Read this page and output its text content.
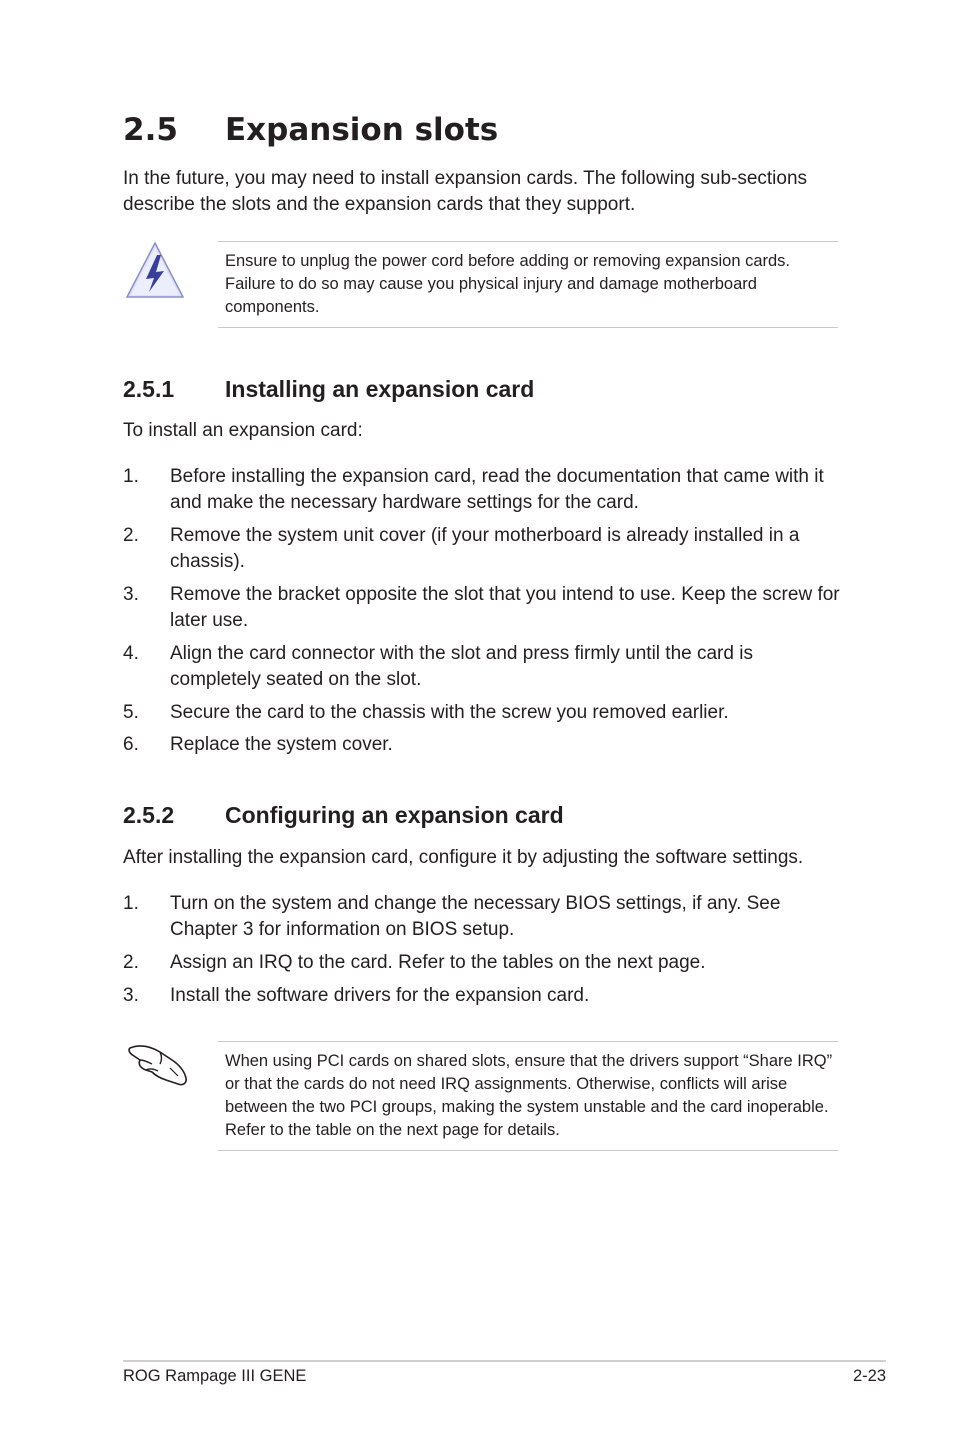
2.5 Expansion slots
In the future, you may need to install expansion cards. The following sub-sections describe the slots and the expansion cards that they support.
Ensure to unplug the power cord before adding or removing expansion cards. Failure to do so may cause you physical injury and damage motherboard components.
2.5.1 Installing an expansion card
To install an expansion card:
1. Before installing the expansion card, read the documentation that came with it and make the necessary hardware settings for the card.
2. Remove the system unit cover (if your motherboard is already installed in a chassis).
3. Remove the bracket opposite the slot that you intend to use. Keep the screw for later use.
4. Align the card connector with the slot and press firmly until the card is completely seated on the slot.
5. Secure the card to the chassis with the screw you removed earlier.
6. Replace the system cover.
2.5.2 Configuring an expansion card
After installing the expansion card, configure it by adjusting the software settings.
1. Turn on the system and change the necessary BIOS settings, if any. See Chapter 3 for information on BIOS setup.
2. Assign an IRQ to the card. Refer to the tables on the next page.
3. Install the software drivers for the expansion card.
When using PCI cards on shared slots, ensure that the drivers support “Share IRQ” or that the cards do not need IRQ assignments. Otherwise, conflicts will arise between the two PCI groups, making the system unstable and the card inoperable. Refer to the table on the next page for details.
ROG Rampage III GENE	2-23
